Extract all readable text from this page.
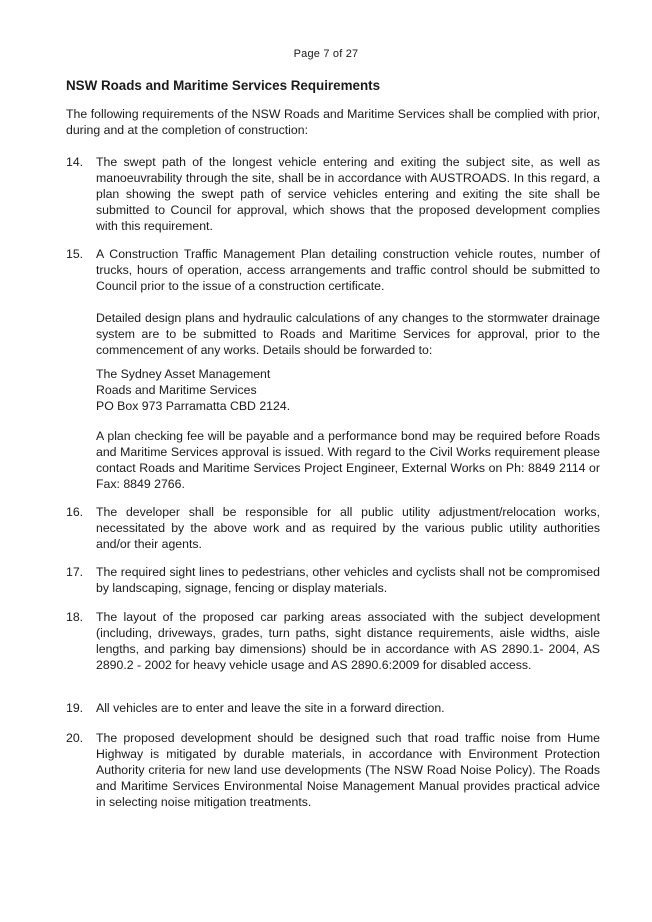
Page 7 of 27
NSW Roads and Maritime Services Requirements
The following requirements of the NSW Roads and Maritime Services shall be complied with prior, during and at the completion of construction:
14.	The swept path of the longest vehicle entering and exiting the subject site, as well as manoeuvrability through the site, shall be in accordance with AUSTROADS. In this regard, a plan showing the swept path of service vehicles entering and exiting the site shall be submitted to Council for approval, which shows that the proposed development complies with this requirement.
15.	A Construction Traffic Management Plan detailing construction vehicle routes, number of trucks, hours of operation, access arrangements and traffic control should be submitted to Council prior to the issue of a construction certificate.
Detailed design plans and hydraulic calculations of any changes to the stormwater drainage system are to be submitted to Roads and Maritime Services for approval, prior to the commencement of any works. Details should be forwarded to:
The Sydney Asset Management
Roads and Maritime Services
PO Box 973 Parramatta CBD 2124.
A plan checking fee will be payable and a performance bond may be required before Roads and Maritime Services approval is issued. With regard to the Civil Works requirement please contact Roads and Maritime Services Project Engineer, External Works on Ph: 8849 2114 or Fax: 8849 2766.
16.	The developer shall be responsible for all public utility adjustment/relocation works, necessitated by the above work and as required by the various public utility authorities and/or their agents.
17.	The required sight lines to pedestrians, other vehicles and cyclists shall not be compromised by landscaping, signage, fencing or display materials.
18.	The layout of the proposed car parking areas associated with the subject development (including, driveways, grades, turn paths, sight distance requirements, aisle widths, aisle lengths, and parking bay dimensions) should be in accordance with AS 2890.1- 2004, AS 2890.2 - 2002 for heavy vehicle usage and AS 2890.6:2009 for disabled access.
19.	All vehicles are to enter and leave the site in a forward direction.
20.	The proposed development should be designed such that road traffic noise from Hume Highway is mitigated by durable materials, in accordance with Environment Protection Authority criteria for new land use developments (The NSW Road Noise Policy). The Roads and Maritime Services Environmental Noise Management Manual provides practical advice in selecting noise mitigation treatments.
